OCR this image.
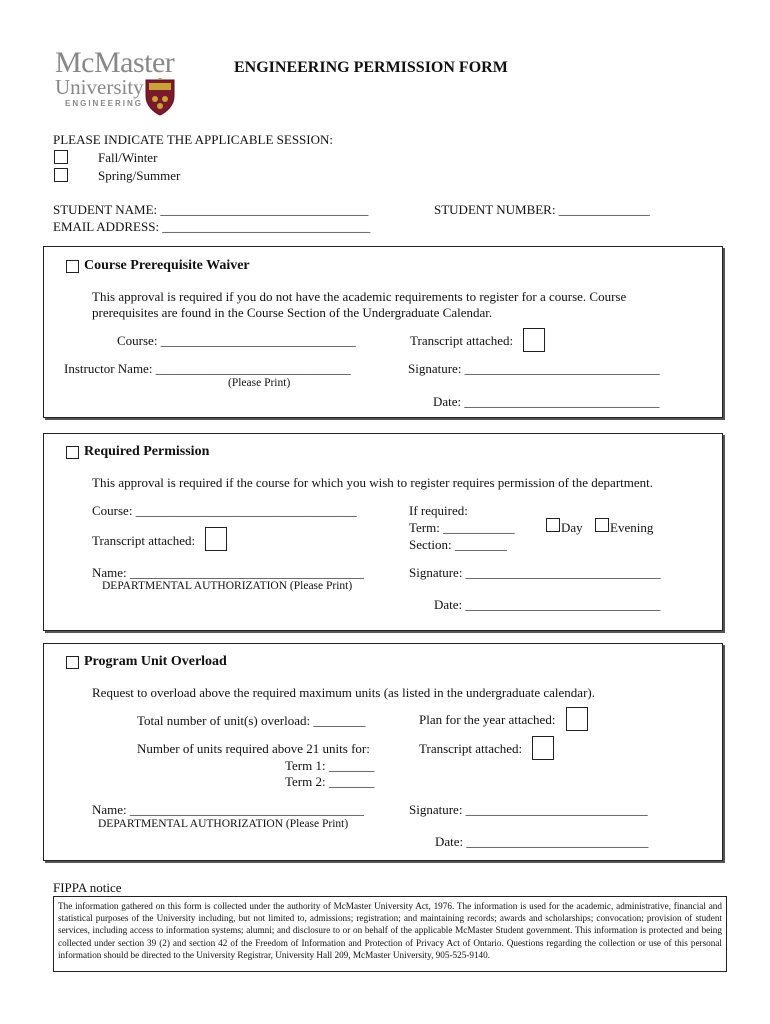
McMaster
University
ENGINEERING
ENGINEERING PERMISSION FORM
PLEASE INDICATE THE APPLICABLE SESSION:
Fall/Winter
Spring/Summer
STUDENT NAME: ________________________________	STUDENT NUMBER: ______________
EMAIL ADDRESS: ________________________________
Course Prerequisite Waiver
This approval is required if you do not have the academic requirements to register for a course. Course
prerequisites are found in the Course Section of the Undergraduate Calendar.
Course: ______________________________	Transcript attached:
Instructor Name: ______________________________
(Please Print)
Signature: ______________________________
Date: ______________________________
Required Permission
This approval is required if the course for which you wish to register requires permission of the department.
Course: __________________________________	If required:
Term: ___________	Day Evening
Section: ________
Transcript attached:
Name: ____________________________________
DEPARTMENTAL AUTHORIZATION (Please Print)
Signature: ______________________________
Date: ______________________________
Program Unit Overload
Request to overload above the required maximum units (as listed in the undergraduate calendar).
Total number of unit(s) overload: ________	Plan for the year attached:
Number of units required above 21 units for:	Transcript attached:
Term 1: _______
Term 2: _______
Name: ____________________________________
DEPARTMENTAL AUTHORIZATION (Please Print)
Signature: ____________________________
Date: ____________________________
FIPPA notice
The information gathered on this form is collected under the authority of McMaster University Act, 1976. The information is used for the academic, administrative, financial and statistical purposes of the University including, but not limited to, admissions; registration; and maintaining records; awards and scholarships; convocation; provision of student services, including access to information systems; alumni; and disclosure to or on behalf of the applicable McMaster Student government. This information is protected and being collected under section 39 (2) and section 42 of the Freedom of Information and Protection of Privacy Act of Ontario. Questions regarding the collection or use of this personal information should be directed to the University Registrar, University Hall 209, McMaster University, 905-525-9140.
